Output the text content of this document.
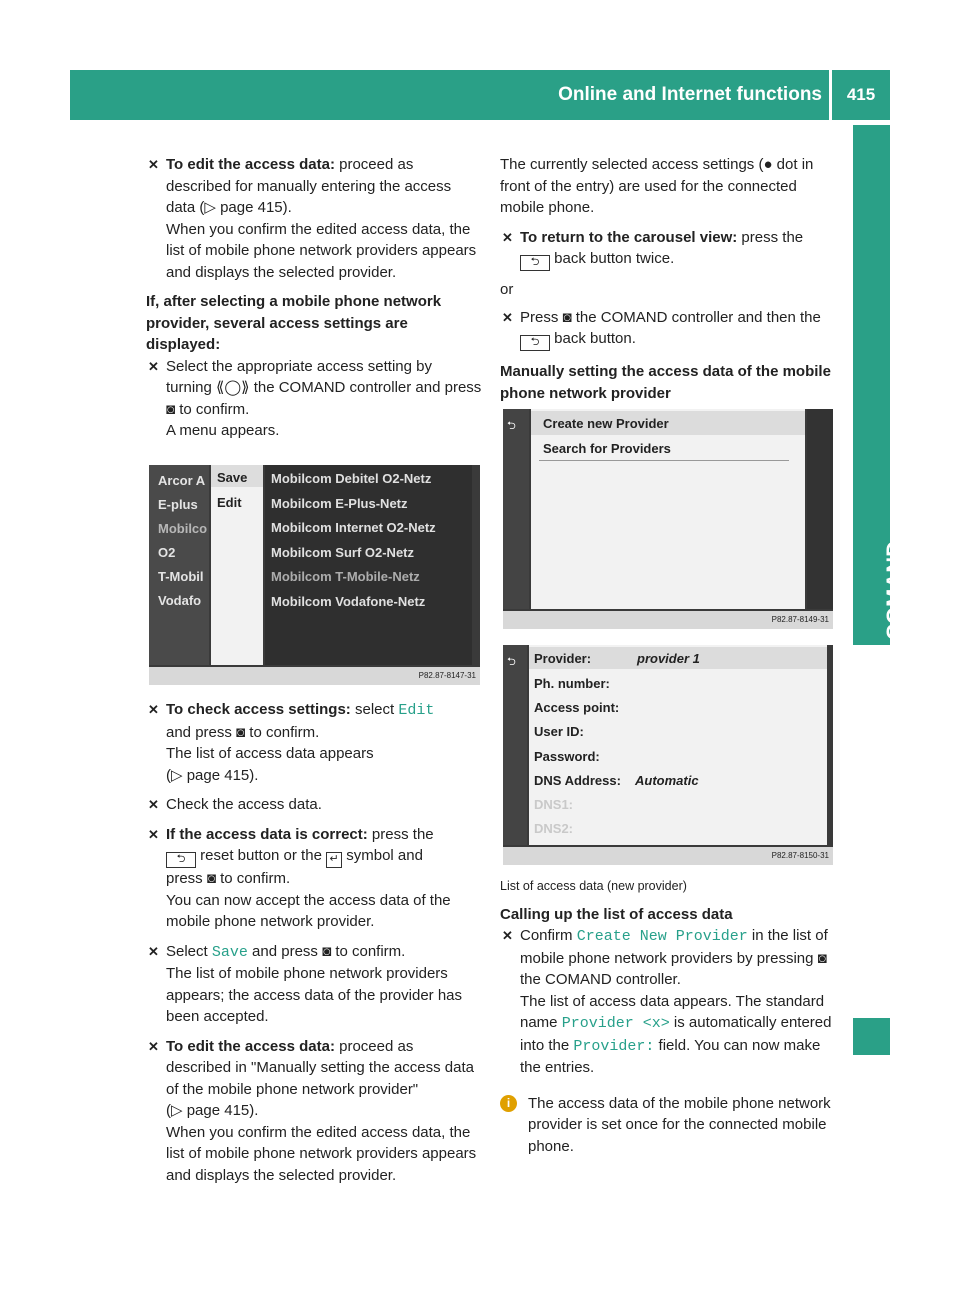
Online and Internet functions	415
COMAND
✕ To edit the access data: proceed as described for manually entering the access data (▷ page 415).
When you confirm the edited access data, the list of mobile phone network providers appears and displays the selected provider.

If, after selecting a mobile phone network provider, several access settings are displayed:

✕ Select the appropriate access setting by turning ⟪◯⟫ the COMAND controller and press ◙ to confirm.
A menu appears.
Arcor A
E-plus
Mobilco
O2
T-Mobil
Vodafo
Save
Edit
Mobilcom Debitel O2-Netz
Mobilcom E-Plus-Netz
Mobilcom Internet O2-Netz
Mobilcom Surf O2-Netz
Mobilcom T-Mobile-Netz
Mobilcom Vodafone-Netz
P82.87-8147-31
✕ To check access settings: select Edit
and press ◙ to confirm.
The list of access data appears
(▷ page 415).
✕ Check the access data.
✕ If the access data is correct: press the
⮌ reset button or the ↵ symbol and
press ◙ to confirm.
You can now accept the access data of the mobile phone network provider.
✕ Select Save and press ◙ to confirm.
The list of mobile phone network providers appears; the access data of the provider has been accepted.
✕ To edit the access data: proceed as described in "Manually setting the access data of the mobile phone network provider"
(▷ page 415).
When you confirm the edited access data, the list of mobile phone network providers appears and displays the selected provider.

The currently selected access settings (● dot in front of the entry) are used for the connected mobile phone.

✕ To return to the carousel view: press the
⮌ back button twice.

or

✕ Press ◙ the COMAND controller and then the ⮌ back button.

Manually setting the access data of the mobile phone network provider

⮌ Create new Provider
Search for Providers
P82.87-8149-31
⮌ Provider:	provider 1
Ph. number:
Access point:
User ID:
Password:
DNS Address: Automatic
DNS1:
DNS2:
P82.87-8150-31

List of access data (new provider)

Calling up the list of access data

✕ Confirm Create New Provider in the list of mobile phone network providers by pressing ◙ the COMAND controller.
The list of access data appears. The standard name Provider <x> is automatically entered into the Provider: field. You can now make the entries.
i	The access data of the mobile phone network provider is set once for the connected mobile phone.
